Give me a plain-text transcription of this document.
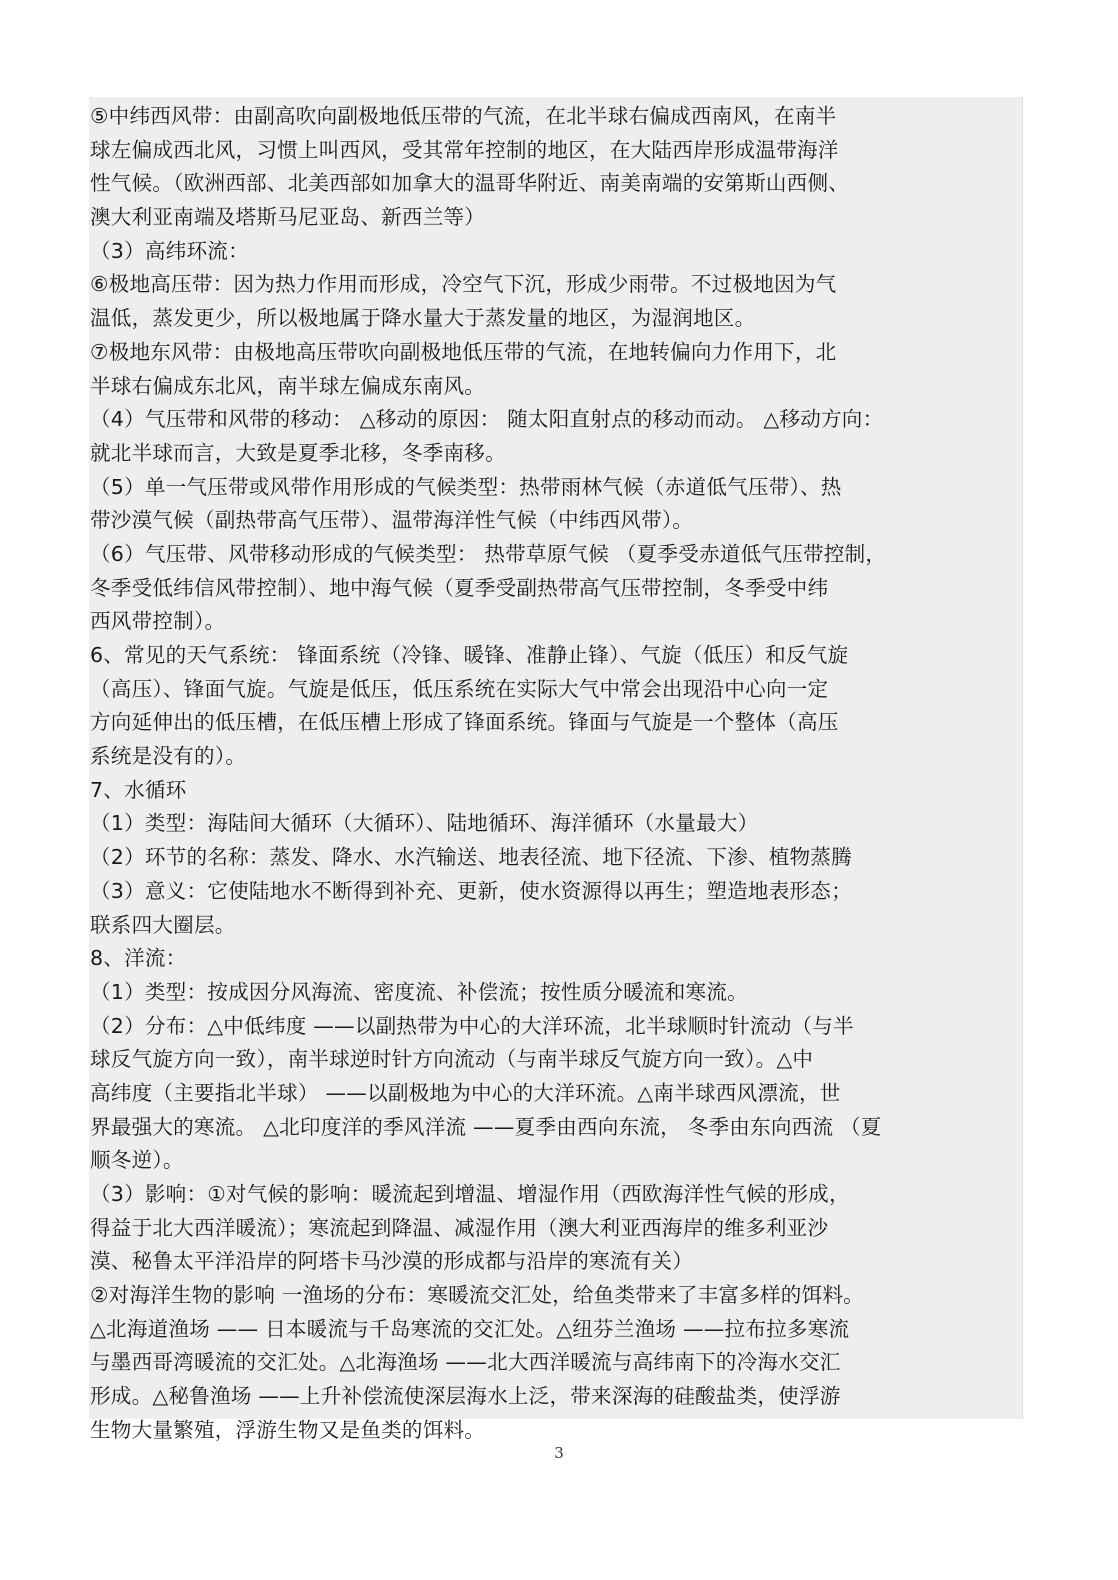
⑤中纬西风带：由副高吹向副极地低压带的气流，在北半球右偏成西南风，在南半
球左偏成西北风，习惯上叫西风，受其常年控制的地区，在大陆西岸形成温带海洋
性气候。（欧洲西部、北美西部如加拿大的温哥华附近、南美南端的安第斯山西侧、
澳大利亚南端及塔斯马尼亚岛、新西兰等）
（3）高纬环流：
⑥极地高压带：因为热力作用而形成，冷空气下沉，形成少雨带。不过极地因为气
温低，蒸发更少，所以极地属于降水量大于蒸发量的地区，为湿润地区。
⑦极地东风带：由极地高压带吹向副极地低压带的气流，在地转偏向力作用下，北
半球右偏成东北风，南半球左偏成东南风。
（4）气压带和风带的移动： △移动的原因： 随太阳直射点的移动而动。 △移动方向：
就北半球而言，大致是夏季北移，冬季南移。
（5）单一气压带或风带作用形成的气候类型：热带雨林气候（赤道低气压带）、热
带沙漠气候（副热带高气压带）、温带海洋性气候（中纬西风带）。
（6）气压带、风带移动形成的气候类型： 热带草原气候 （夏季受赤道低气压带控制，
冬季受低纬信风带控制）、地中海气候（夏季受副热带高气压带控制，冬季受中纬
西风带控制）。
6、常见的天气系统： 锋面系统（冷锋、暖锋、准静止锋）、气旋（低压）和反气旋
（高压）、锋面气旋。气旋是低压，低压系统在实际大气中常会出现沿中心向一定
方向延伸出的低压槽，在低压槽上形成了锋面系统。锋面与气旋是一个整体（高压
系统是没有的）。
7、水循环
（1）类型：海陆间大循环（大循环）、陆地循环、海洋循环（水量最大）
（2）环节的名称：蒸发、降水、水汽输送、地表径流、地下径流、下渗、植物蒸腾
（3）意义：它使陆地水不断得到补充、更新，使水资源得以再生；塑造地表形态；
联系四大圈层。
8、洋流：
（1）类型：按成因分风海流、密度流、补偿流；按性质分暖流和寒流。
（2）分布：△中低纬度 ——以副热带为中心的大洋环流，北半球顺时针流动（与半
球反气旋方向一致），南半球逆时针方向流动（与南半球反气旋方向一致）。△中
高纬度（主要指北半球） ——以副极地为中心的大洋环流。△南半球西风漂流，世
界最强大的寒流。 △北印度洋的季风洋流 ——夏季由西向东流， 冬季由东向西流 （夏
顺冬逆）。
（3）影响：①对气候的影响：暖流起到增温、增湿作用（西欧海洋性气候的形成，
得益于北大西洋暖流）；寒流起到降温、减湿作用（澳大利亚西海岸的维多利亚沙
漠、秘鲁太平洋沿岸的阿塔卡马沙漠的形成都与沿岸的寒流有关）
②对海洋生物的影响 一渔场的分布：寒暖流交汇处，给鱼类带来了丰富多样的饵料。
△北海道渔场 —— 日本暖流与千岛寒流的交汇处。△纽芬兰渔场 ——拉布拉多寒流
与墨西哥湾暖流的交汇处。△北海渔场 ——北大西洋暖流与高纬南下的冷海水交汇
形成。△秘鲁渔场 ——上升补偿流使深层海水上泛，带来深海的硅酸盐类，使浮游
生物大量繁殖，浮游生物又是鱼类的饵料。
3
